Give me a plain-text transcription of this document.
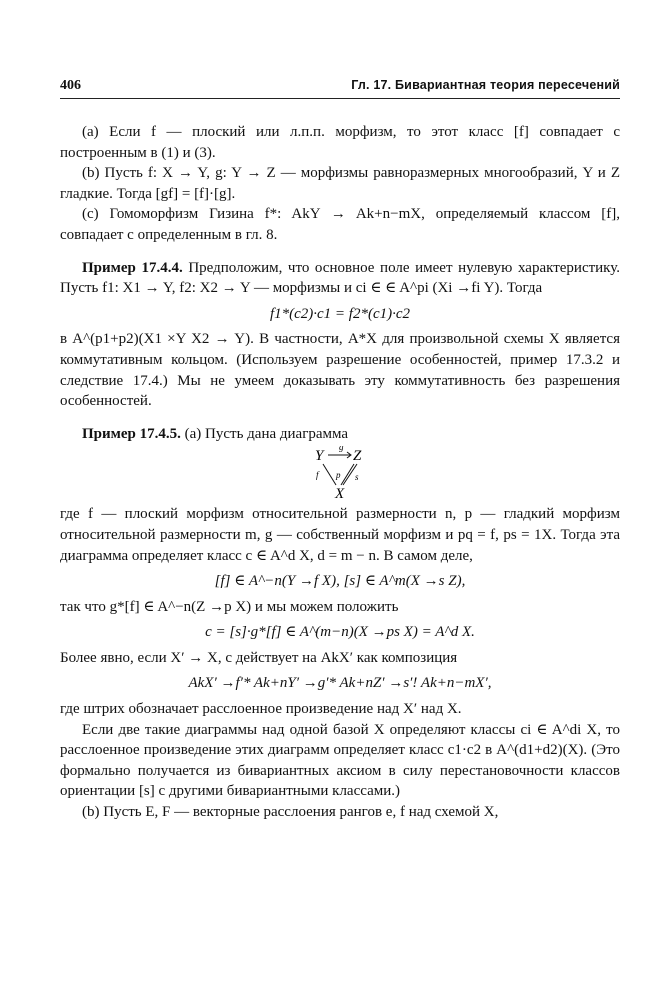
406	Гл. 17. Бивариантная теория пересечений

(a) Если f — плоский или л.п.п. морфизм, то этот класс [f] совпадает с построенным в (1) и (3).

(b) Пусть f: X → Y, g: Y → Z — морфизмы равноразмерных многообразий, Y и Z гладкие. Тогда [gf] = [f]·[g].

(c) Гомоморфизм Гизина f*: AkY → Ak+n−mX, определяемый классом [f], совпадает с определенным в гл. 8.

Пример 17.4.4. Предположим, что основное поле имеет нулевую характеристику. Пусть f1: X1 → Y, f2: X2 → Y — морфизмы и ci ∈ ∈ A^pi (Xi →fi Y). Тогда

f1*(c2)·c1 = f2*(c1)·c2

в A^(p1+p2)(X1 ×Y X2 → Y). В частности, A*X для произвольной схемы X является коммутативным кольцом. (Используем разрешение особенностей, пример 17.3.2 и следствие 17.4.) Мы не умеем доказывать эту коммутативность без разрешения особенностей.

Пример 17.4.5. (a) Пусть дана диаграмма

Y Z
X
g
f p s

где f — плоский морфизм относительной размерности n, p — гладкий морфизм относительной размерности m, g — собственный морфизм и pq = f, ps = 1X. Тогда эта диаграмма определяет класс c ∈ A^d X, d = m − n. В самом деле,

[f] ∈ A^−n(Y →f X), [s] ∈ A^m(X →s Z),

так что g*[f] ∈ A^−n(Z →p X) и мы можем положить

c = [s]·g*[f] ∈ A^(m−n)(X →ps X) = A^d X.

Более явно, если X′ → X, c действует на AkX′ как композиция

AkX′ →f′* Ak+nY′ →g′* Ak+nZ′ →s′! Ak+n−mX′,

где штрих обозначает расслоенное произведение над X′ над X.

Если две такие диаграммы над одной базой X определяют классы ci ∈ A^di X, то расслоенное произведение этих диаграмм определяет класс c1·c2 в A^(d1+d2)(X). (Это формально получается из бивариантных аксиом в силу перестановочности классов ориентации [s] с другими бивариантными классами.)

(b) Пусть E, F — векторные расслоения рангов e, f над схемой X,
